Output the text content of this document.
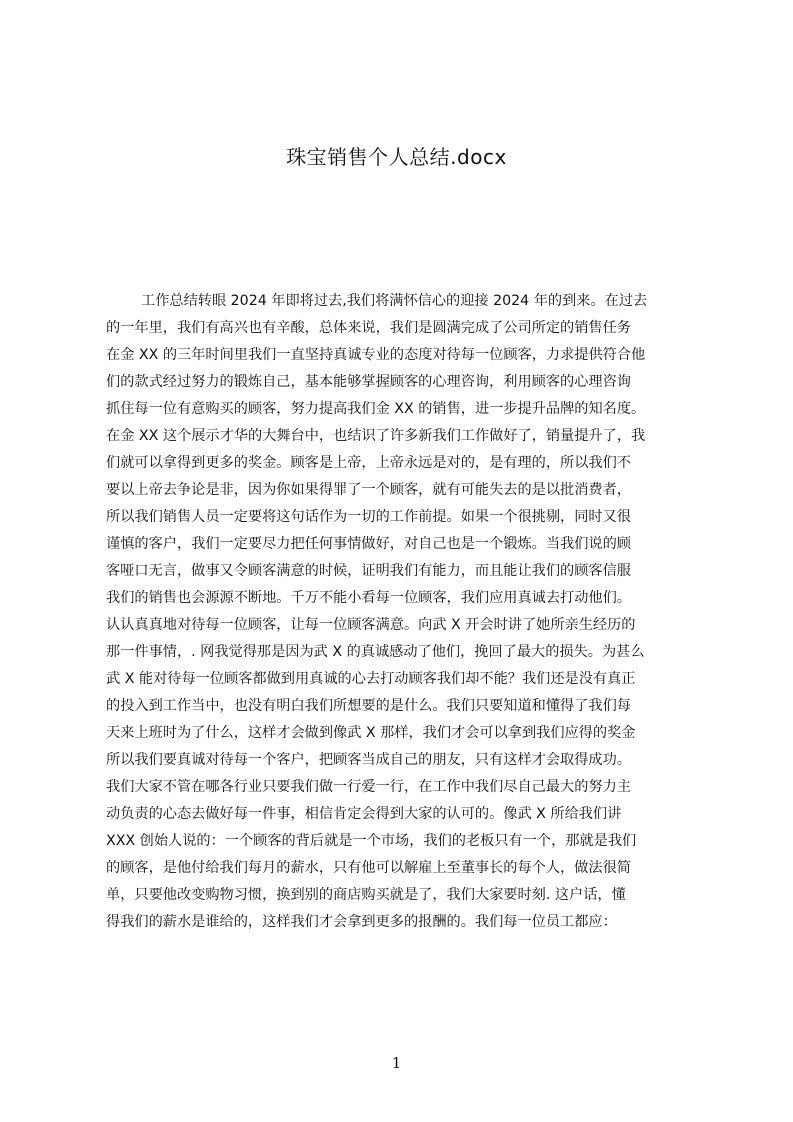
珠宝销售个人总结.docx
工作总结转眼 2024 年即将过去,我们将满怀信心的迎接 2024 年的到来。在过去
的一年里，我们有高兴也有辛酸，总体来说，我们是圆满完成了公司所定的销售任务
在金 XX 的三年时间里我们一直坚持真诚专业的态度对待每一位顾客，力求提供符合他
们的款式经过努力的锻炼自己，基本能够掌握顾客的心理咨询，利用顾客的心理咨询
抓住每一位有意购买的顾客，努力提高我们金 XX 的销售，进一步提升品牌的知名度。
在金 XX 这个展示才华的大舞台中，也结识了许多新我们工作做好了，销量提升了，我
们就可以拿得到更多的奖金。顾客是上帝，上帝永远是对的，是有理的，所以我们不
要以上帝去争论是非，因为你如果得罪了一个顾客，就有可能失去的是以批消费者，
所以我们销售人员一定要将这句话作为一切的工作前提。如果一个很挑剔，同时又很
谨慎的客户，我们一定要尽力把任何事情做好，对自己也是一个锻炼。当我们说的顾
客哑口无言，做事又令顾客满意的时候，证明我们有能力，而且能让我们的顾客信服
我们的销售也会源源不断地。千万不能小看每一位顾客，我们应用真诚去打动他们。
认认真真地对待每一位顾客，让每一位顾客满意。向武 X 开会时讲了她所亲生经历的
那一件事情，. 网我觉得那是因为武 X 的真诚感动了他们，挽回了最大的损失。为甚么
武 X 能对待每一位顾客都做到用真诚的心去打动顾客我们却不能？我们还是没有真正
的投入到工作当中，也没有明白我们所想要的是什么。我们只要知道和懂得了我们每
天来上班时为了什么，这样才会做到像武 X 那样，我们才会可以拿到我们应得的奖金
所以我们要真诚对待每一个客户，把顾客当成自己的朋友，只有这样才会取得成功。
我们大家不管在哪各行业只要我们做一行爱一行，在工作中我们尽自己最大的努力主
动负责的心态去做好每一件事，相信肯定会得到大家的认可的。像武 X 所给我们讲
XXX 创始人说的：一个顾客的背后就是一个市场，我们的老板只有一个，那就是我们
的顾客，是他付给我们每月的薪水，只有他可以解雇上至董事长的每个人，做法很简
单，只要他改变购物习惯，换到别的商店购买就是了，我们大家要时刻. 这户话，懂
得我们的薪水是谁给的，这样我们才会拿到更多的报酬的。我们每一位员工都应：
1
